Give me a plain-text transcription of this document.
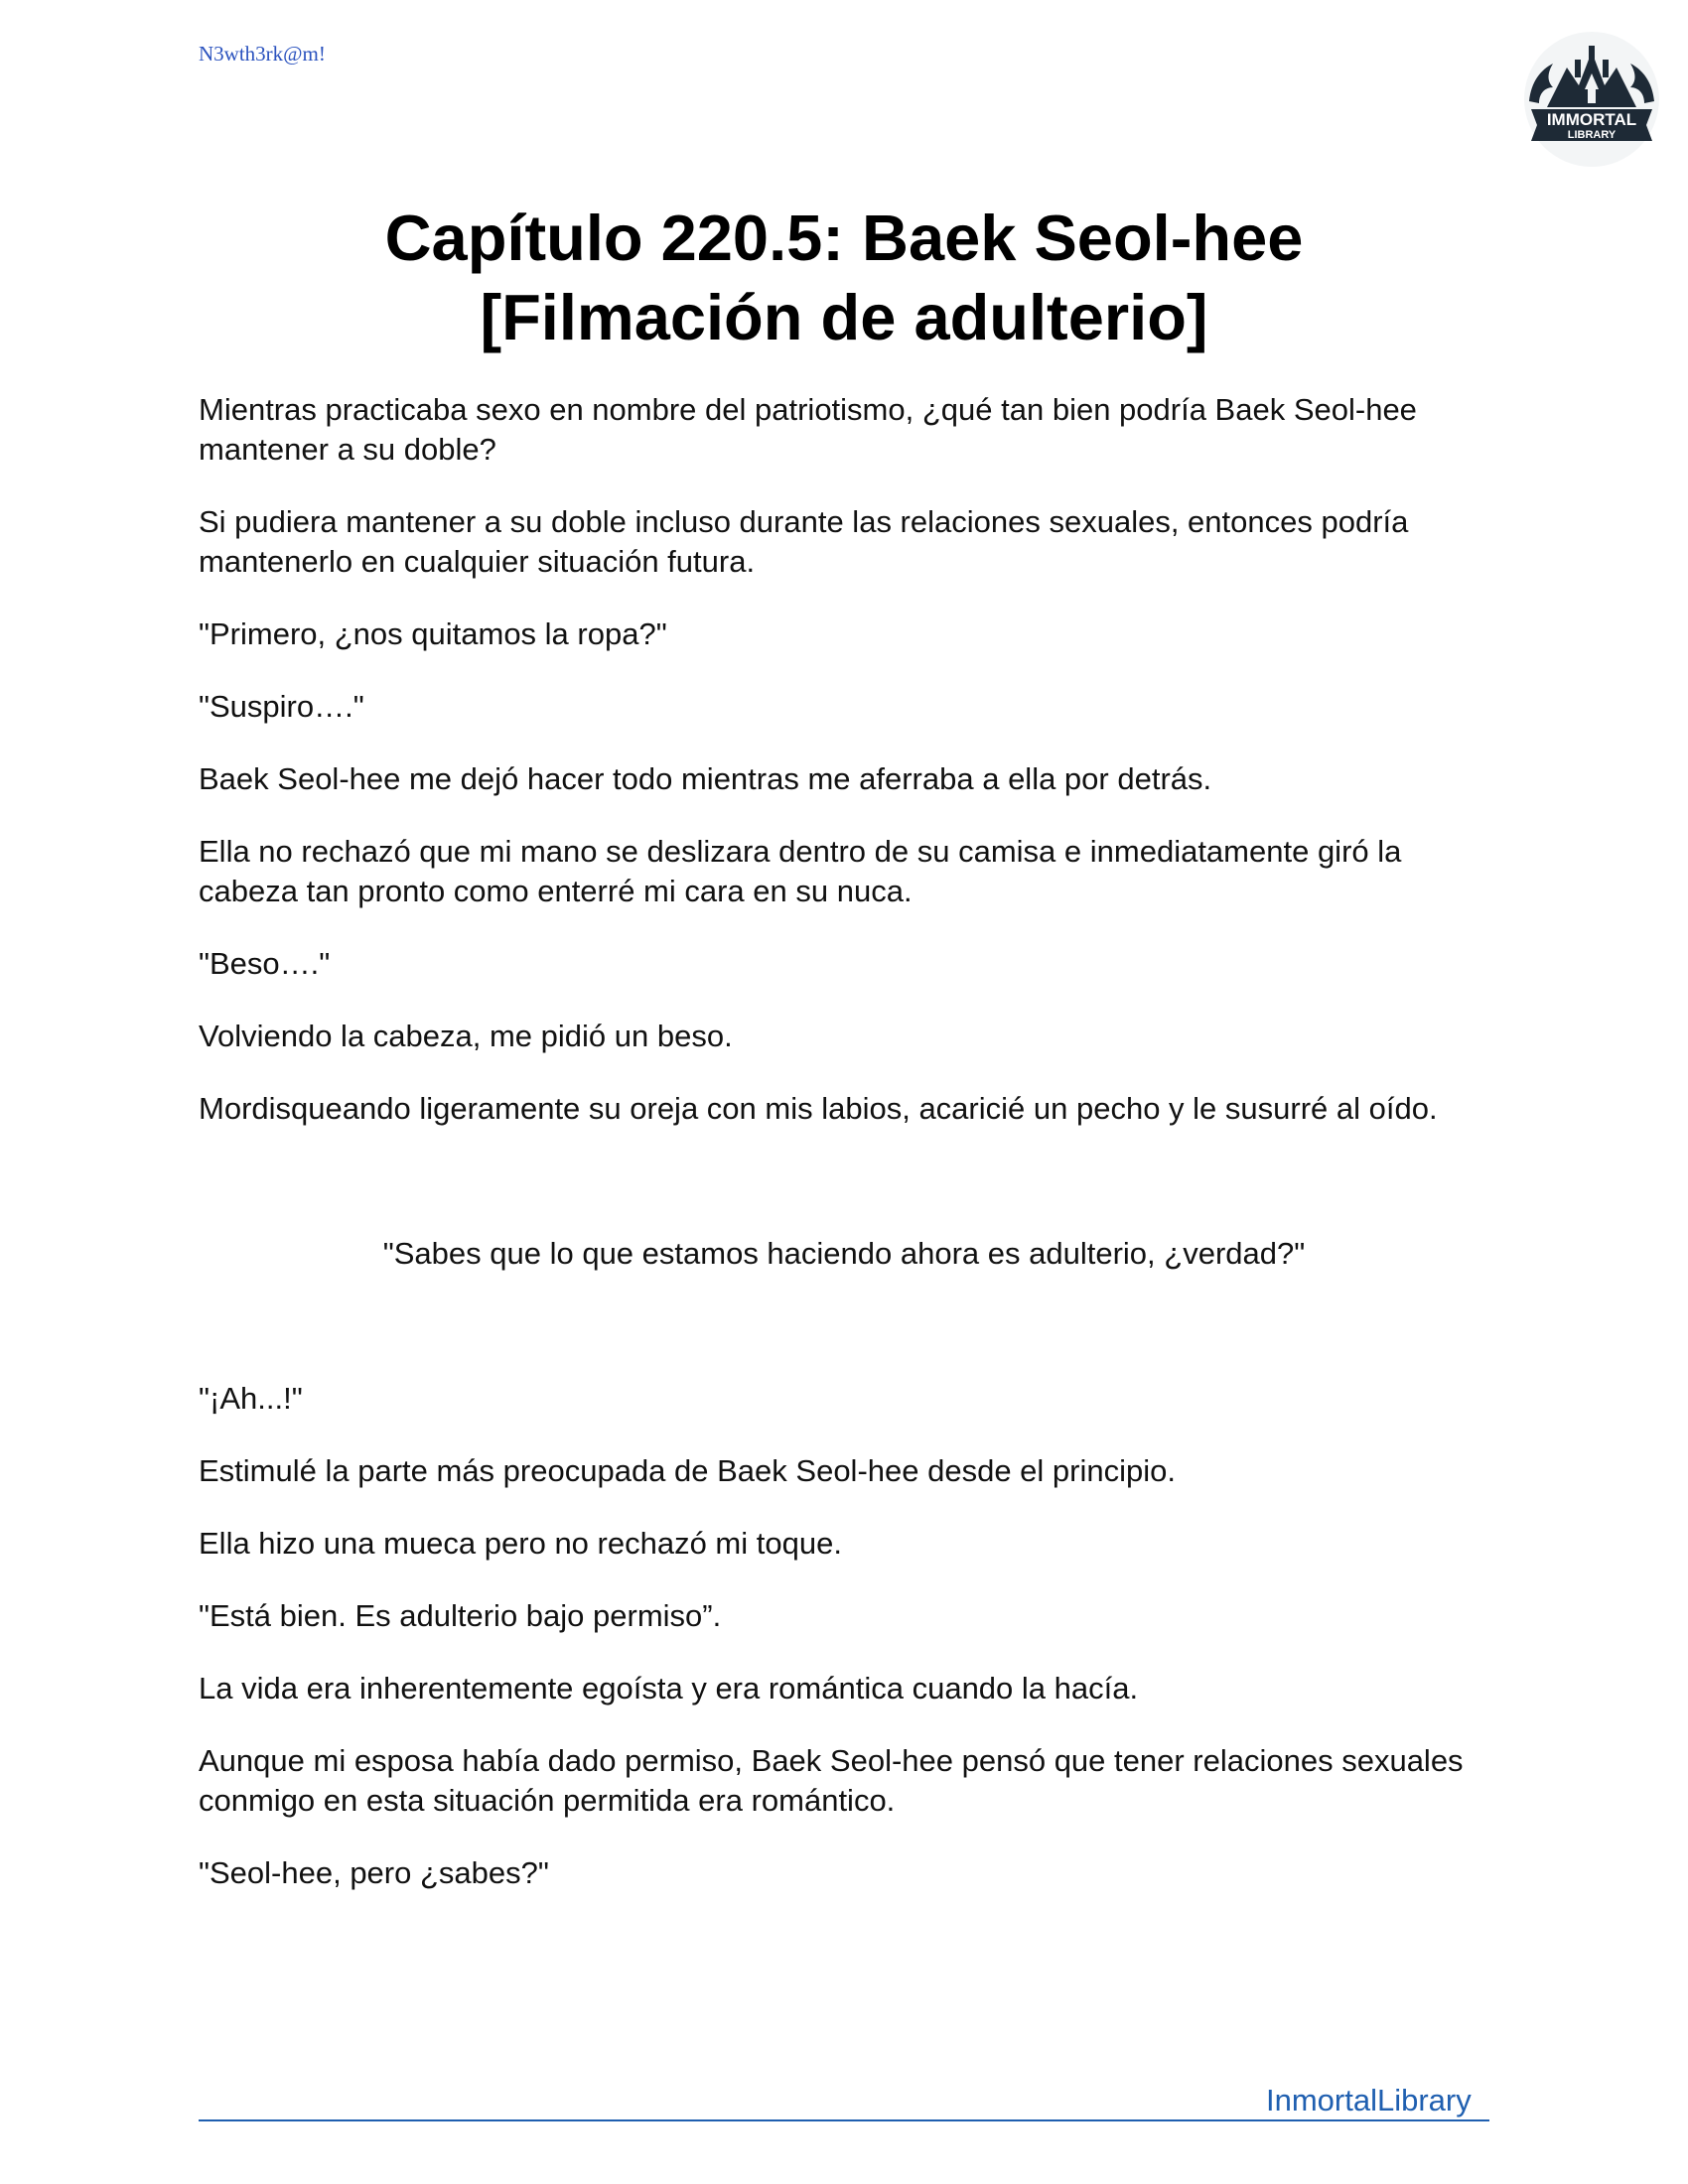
N3wth3rk@m!
IMMORTAL
LIBRARY
Capítulo 220.5: Baek Seol-hee
[Filmación de adulterio]

Mientras practicaba sexo en nombre del patriotismo, ¿qué tan bien podría Baek Seol-hee mantener a su doble?

Si pudiera mantener a su doble incluso durante las relaciones sexuales, entonces podría mantenerlo en cualquier situación futura.

"Primero, ¿nos quitamos la ropa?"

"Suspiro…."

Baek Seol-hee me dejó hacer todo mientras me aferraba a ella por detrás.

Ella no rechazó que mi mano se deslizara dentro de su camisa e inmediatamente giró la cabeza tan pronto como enterré mi cara en su nuca.

"Beso…."

Volviendo la cabeza, me pidió un beso.

Mordisqueando ligeramente su oreja con mis labios, acaricié un pecho y le susurré al oído.

"Sabes que lo que estamos haciendo ahora es adulterio, ¿verdad?"

"¡Ah...!"

Estimulé la parte más preocupada de Baek Seol-hee desde el principio.

Ella hizo una mueca pero no rechazó mi toque.

"Está bien. Es adulterio bajo permiso”.

La vida era inherentemente egoísta y era romántica cuando la hacía.

Aunque mi esposa había dado permiso, Baek Seol-hee pensó que tener relaciones sexuales conmigo en esta situación permitida era romántico.

"Seol-hee, pero ¿sabes?"

InmortalLibrary
